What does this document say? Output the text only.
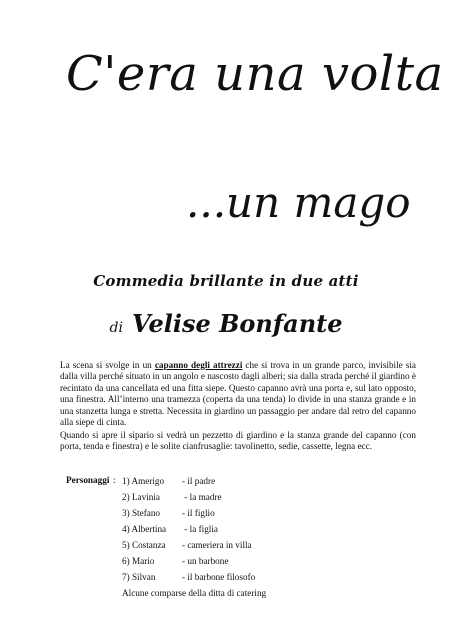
C'era una volta
...un mago
Commedia brillante in due atti
di Velise Bonfante
La scena si svolge in un capanno degli attrezzi che si trova in un grande parco, invisibile sia dalla villa perché situato in un angolo e nascosto dagli alberi; sia dalla strada perché il giardino è recintato da una cancellata ed una fitta siepe. Questo capanno avrà una porta e, sul lato opposto, una finestra. All’interno una tramezza (coperta da una tenda) lo divide in una stanza grande e in una stanzetta lunga e stretta. Necessita in giardino un passaggio per andare dal retro del capanno alla siepe di cinta.
Quando si apre il sipario si vedrà un pezzetto di giardino e la stanza grande del capanno (con porta, tenda e finestra) e le solite cianfrusaglie: tavolinetto, sedie, cassette, legna ecc.
Personaggi : 1) Amerigo - il padre
2) Lavinia - la madre
3) Stefano - il figlio
4) Albertina - la figlia
5) Costanza - cameriera in villa
6) Mario	- un barbone
7) Silvan	- il barbone filosofo
Alcune comparse della ditta di catering
